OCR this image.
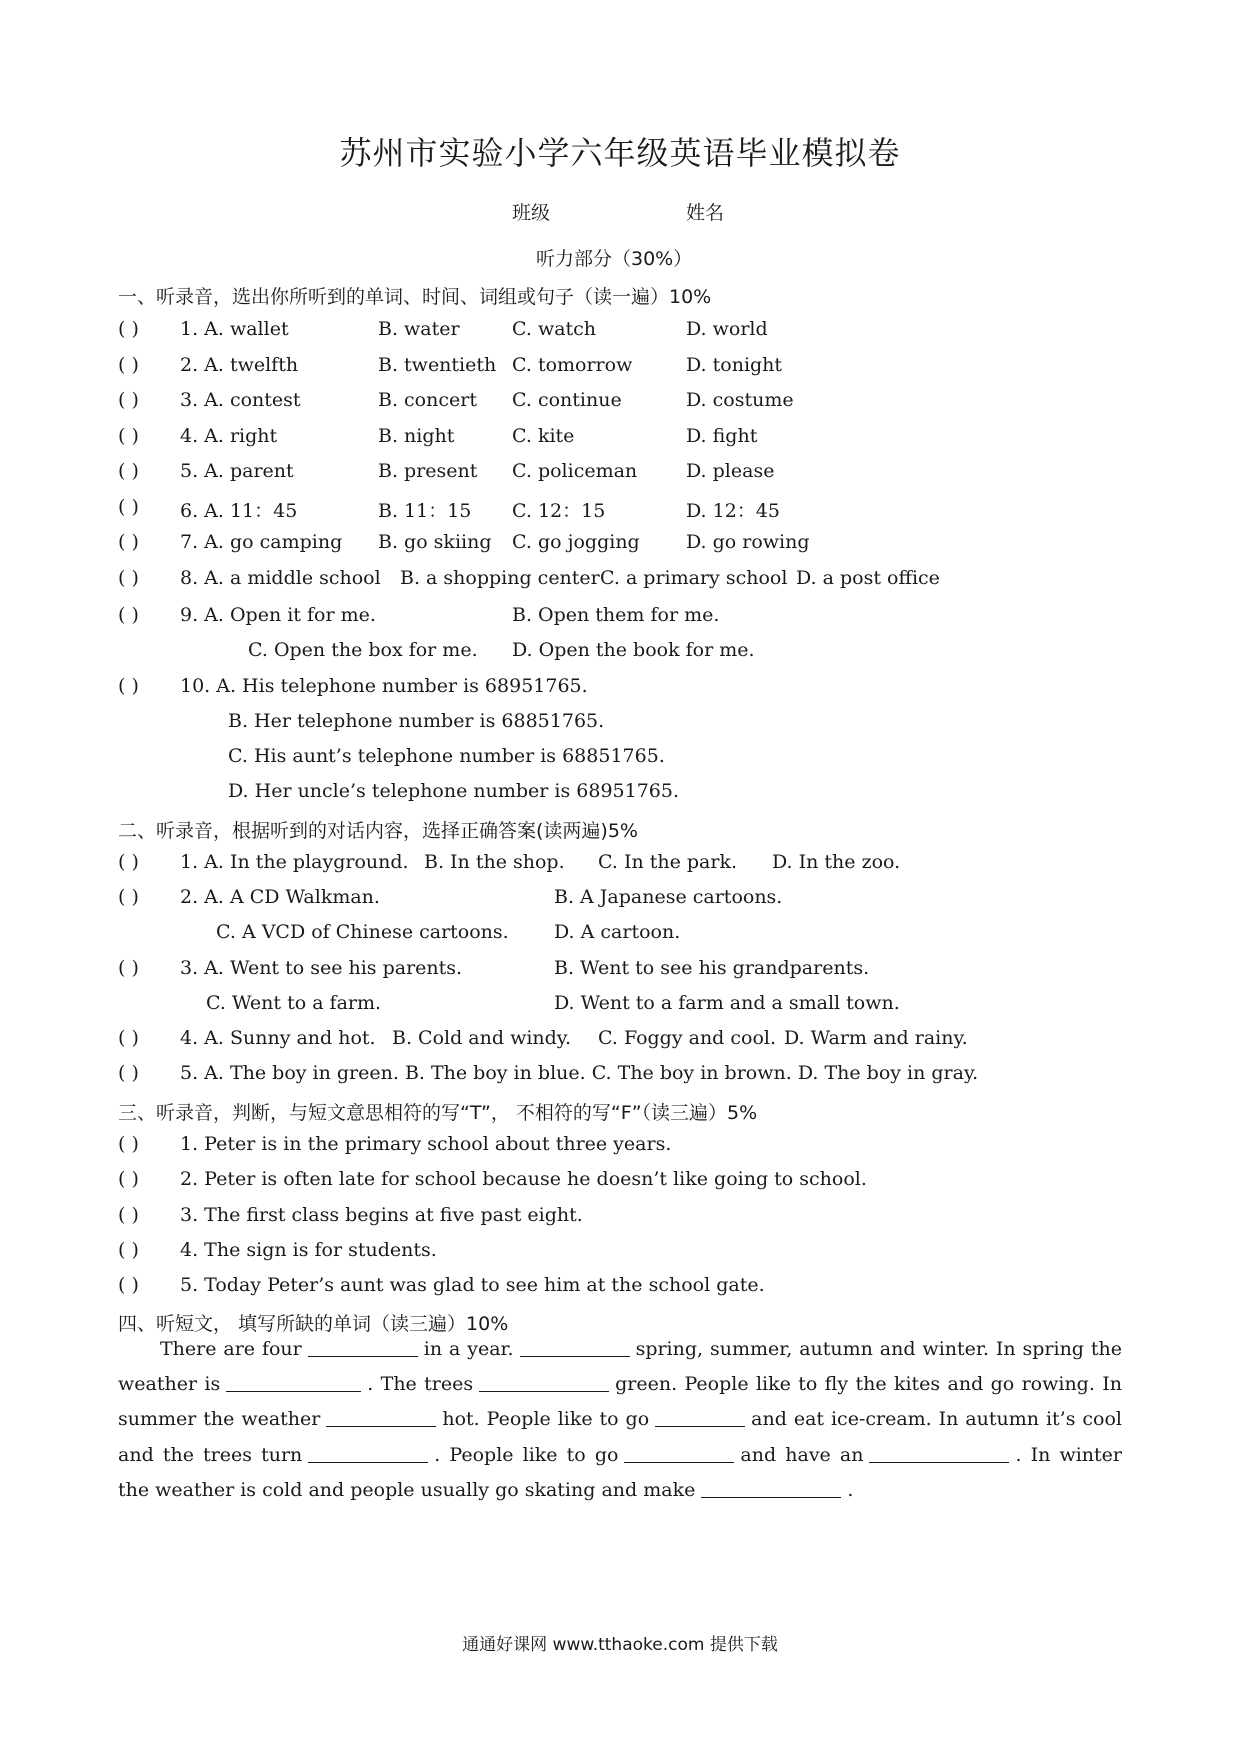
苏州市实验小学六年级英语毕业模拟卷
班级	姓名
听力部分（30%）
一、听录音，选出你所听到的单词、时间、词组或句子（读一遍）10%
( ) 1. A. wallet	B. water	C. watch	D. world
( ) 2. A. twelfth	B. twentieth C. tomorrow	D. tonight
( ) 3. A. contest	B. concert C. continue	D. costume
( ) 4. A. right	B. night	C. kite	D. fight
( ) 5. A. parent	B. present C. policeman	D. please
( ) 6. A. 11：45	B. 11：15 C. 12：15	D. 12：45
( ) 7. A. go camping B. go skiing C. go jogging D. go rowing
( ) 8. A. a middle school B. a shopping center C. a primary school D. a post office
( ) 9. A. Open it for me.	B. Open them for me.
C. Open the box for me. D. Open the book for me.
( ) 10. A. His telephone number is 68951765.
B. Her telephone number is 68851765.
C. His aunt’s telephone number is 68851765.
D. Her uncle’s telephone number is 68951765.
二、听录音，根据听到的对话内容，选择正确答案(读两遍)5%
( ) 1. A. In the playground. B. In the shop. C. In the park. D. In the zoo.
( ) 2. A. A CD Walkman.	B. A Japanese cartoons.
C. A VCD of Chinese cartoons. D. A cartoon.
( ) 3. A. Went to see his parents.	B. Went to see his grandparents.
C. Went to a farm.	D. Went to a farm and a small town.
( ) 4. A. Sunny and hot. B. Cold and windy. C. Foggy and cool. D. Warm and rainy.
( ) 5. A. The boy in green. B. The boy in blue. C. The boy in brown. D. The boy in gray.
三、听录音，判断，与短文意思相符的写“T”， 不相符的写“F”（读三遍）5%
( ) 1. Peter is in the primary school about three years.
( ) 2. Peter is often late for school because he doesn’t like going to school.
( ) 3. The first class begins at five past eight.
( ) 4. The sign is for students.
( ) 5. Today Peter’s aunt was glad to see him at the school gate.
四、听短文， 填写所缺的单词（读三遍）10%
There are four	in a year.	spring, summer, autumn and winter. In spring the weather is	. The trees	green. People like to fly the kites and go rowing. In summer the weather	hot. People like to go	and eat ice-cream. In autumn it’s cool and the trees turn	. People like to go	and have an	. In winter the weather is cold and people usually go skating and make	.
通通好课网 www.tthaoke.com 提供下载
